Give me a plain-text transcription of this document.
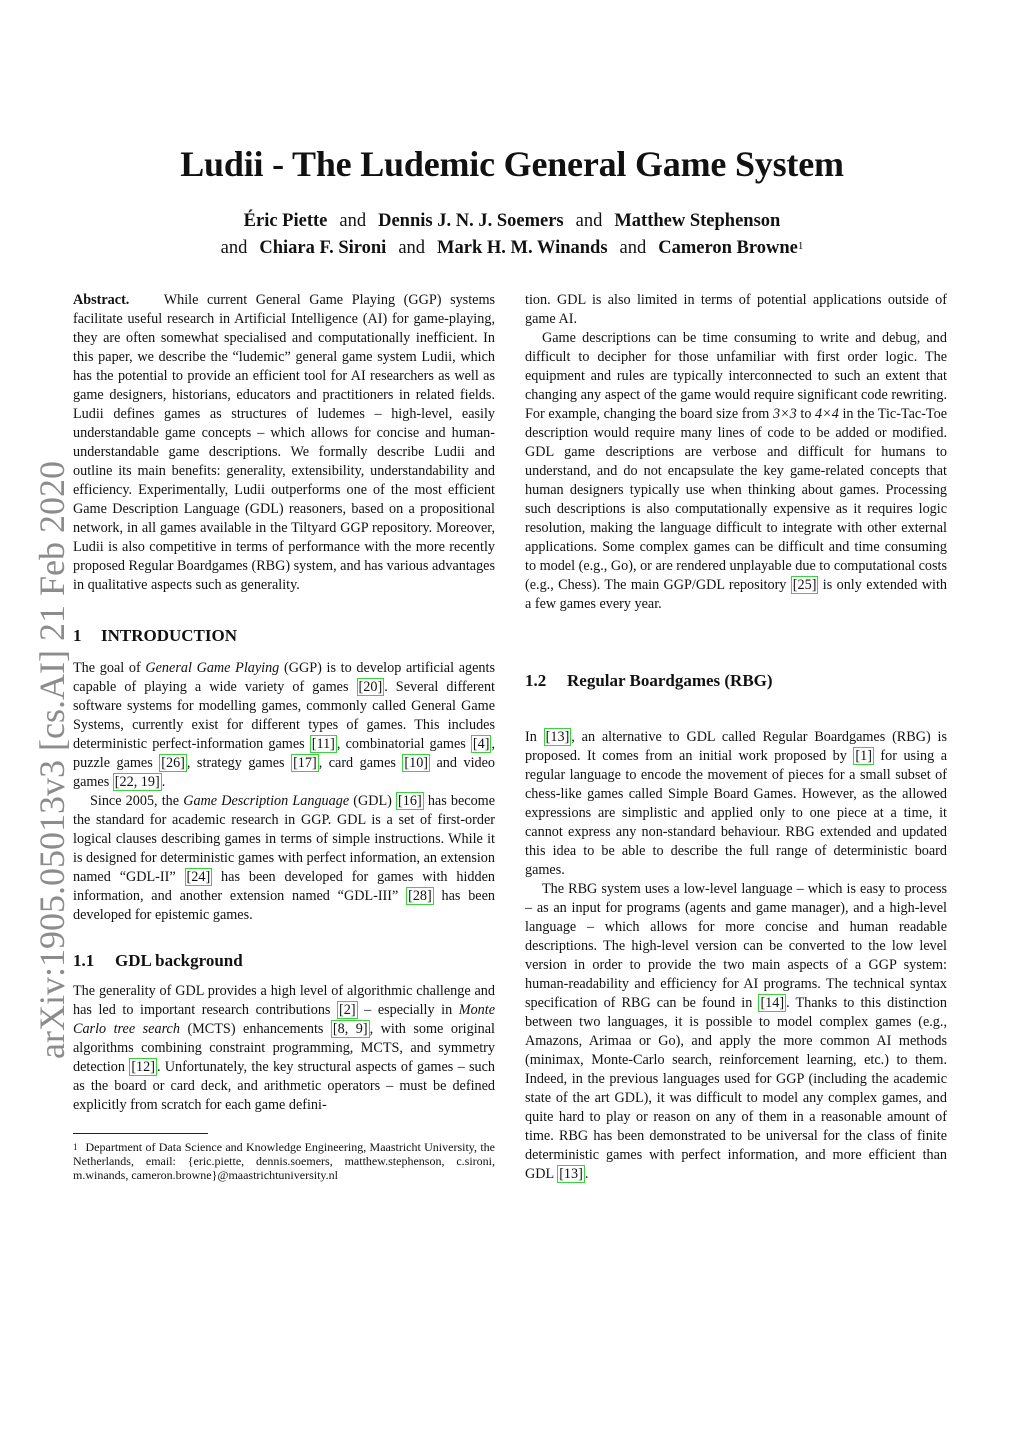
Ludii - The Ludemic General Game System
Éric Piette and Dennis J. N. J. Soemers and Matthew Stephenson
and Chiara F. Sironi and Mark H. M. Winands and Cameron Browne$^1$
arXiv:1905.05013v3 [cs.AI] 21 Feb 2020

Abstract. While current General Game Playing (GGP) systems facilitate useful research in Artificial Intelligence (AI) for game-playing, they are often somewhat specialised and computationally inefficient. In this paper, we describe the “ludemic” general game system Ludii, which has the potential to provide an efficient tool for AI researchers as well as game designers, historians, educators and practitioners in related fields. Ludii defines games as structures of ludemes – high-level, easily understandable game concepts – which allows for concise and human-understandable game descriptions. We formally describe Ludii and outline its main benefits: generality, extensibility, understandability and efficiency. Experimentally, Ludii outperforms one of the most efficient Game Description Language (GDL) reasoners, based on a propositional network, in all games available in the Tiltyard GGP repository. Moreover, Ludii is also competitive in terms of performance with the more recently proposed Regular Boardgames (RBG) system, and has various advantages in qualitative aspects such as generality.

1 INTRODUCTION

The goal of General Game Playing (GGP) is to develop artificial agents capable of playing a wide variety of games [20] . Several different software systems for modelling games, commonly called General Game Systems, currently exist for different types of games. This includes deterministic perfect-information games [11] , combinatorial games [4] , puzzle games [26] , strategy games [17] , card games [10] and video games [22, 19] .

Since 2005, the Game Description Language (GDL) [16] has become the standard for academic research in GGP. GDL is a set of first-order logical clauses describing games in terms of simple instructions. While it is designed for deterministic games with perfect information, an extension named “GDL-II” [24] has been developed for games with hidden information, and another extension named “GDL-III” [28] has been developed for epistemic games.

1.1 GDL background

The generality of GDL provides a high level of algorithmic challenge and has led to important research contributions [2] – especially in Monte Carlo tree search (MCTS) enhancements [8, 9] , with some original algorithms combining constraint programming, MCTS, and symmetry detection [12] . Unfortunately, the key structural aspects of games – such as the board or card deck, and arithmetic operators – must be defined explicitly from scratch for each game defini-

$^1$ Department of Data Science and Knowledge Engineering, Maastricht University, the Netherlands, email: {eric.piette, dennis.soemers, matthew.stephenson, c.sironi, m.winands, cameron.browne}@maastrichtuniversity.nl

tion. GDL is also limited in terms of potential applications outside of game AI.

Game descriptions can be time consuming to write and debug, and difficult to decipher for those unfamiliar with first order logic. The equipment and rules are typically interconnected to such an extent that changing any aspect of the game would require significant code rewriting. For example, changing the board size from 3×3 to 4×4 in the Tic-Tac-Toe description would require many lines of code to be added or modified. GDL game descriptions are verbose and difficult for humans to understand, and do not encapsulate the key game-related concepts that human designers typically use when thinking about games. Processing such descriptions is also computationally expensive as it requires logic resolution, making the language difficult to integrate with other external applications. Some complex games can be difficult and time consuming to model (e.g., Go), or are rendered unplayable due to computational costs (e.g., Chess). The main GGP/GDL repository [25] is only extended with a few games every year.

1.2 Regular Boardgames (RBG)

In [13] , an alternative to GDL called Regular Boardgames (RBG) is proposed. It comes from an initial work proposed by [1] for using a regular language to encode the movement of pieces for a small subset of chess-like games called Simple Board Games. However, as the allowed expressions are simplistic and applied only to one piece at a time, it cannot express any non-standard behaviour. RBG extended and updated this idea to be able to describe the full range of deterministic board games.

The RBG system uses a low-level language – which is easy to process – as an input for programs (agents and game manager), and a high-level language – which allows for more concise and human readable descriptions. The high-level version can be converted to the low level version in order to provide the two main aspects of a GGP system: human-readability and efficiency for AI programs. The technical syntax specification of RBG can be found in [14] . Thanks to this distinction between two languages, it is possible to model complex games (e.g., Amazons, Arimaa or Go), and apply the more common AI methods (minimax, Monte-Carlo search, reinforcement learning, etc.) to them. Indeed, in the previous languages used for GGP (including the academic state of the art GDL), it was difficult to model any complex games, and quite hard to play or reason on any of them in a reasonable amount of time. RBG has been demonstrated to be universal for the class of finite deterministic games with perfect information, and more efficient than GDL [13] .
